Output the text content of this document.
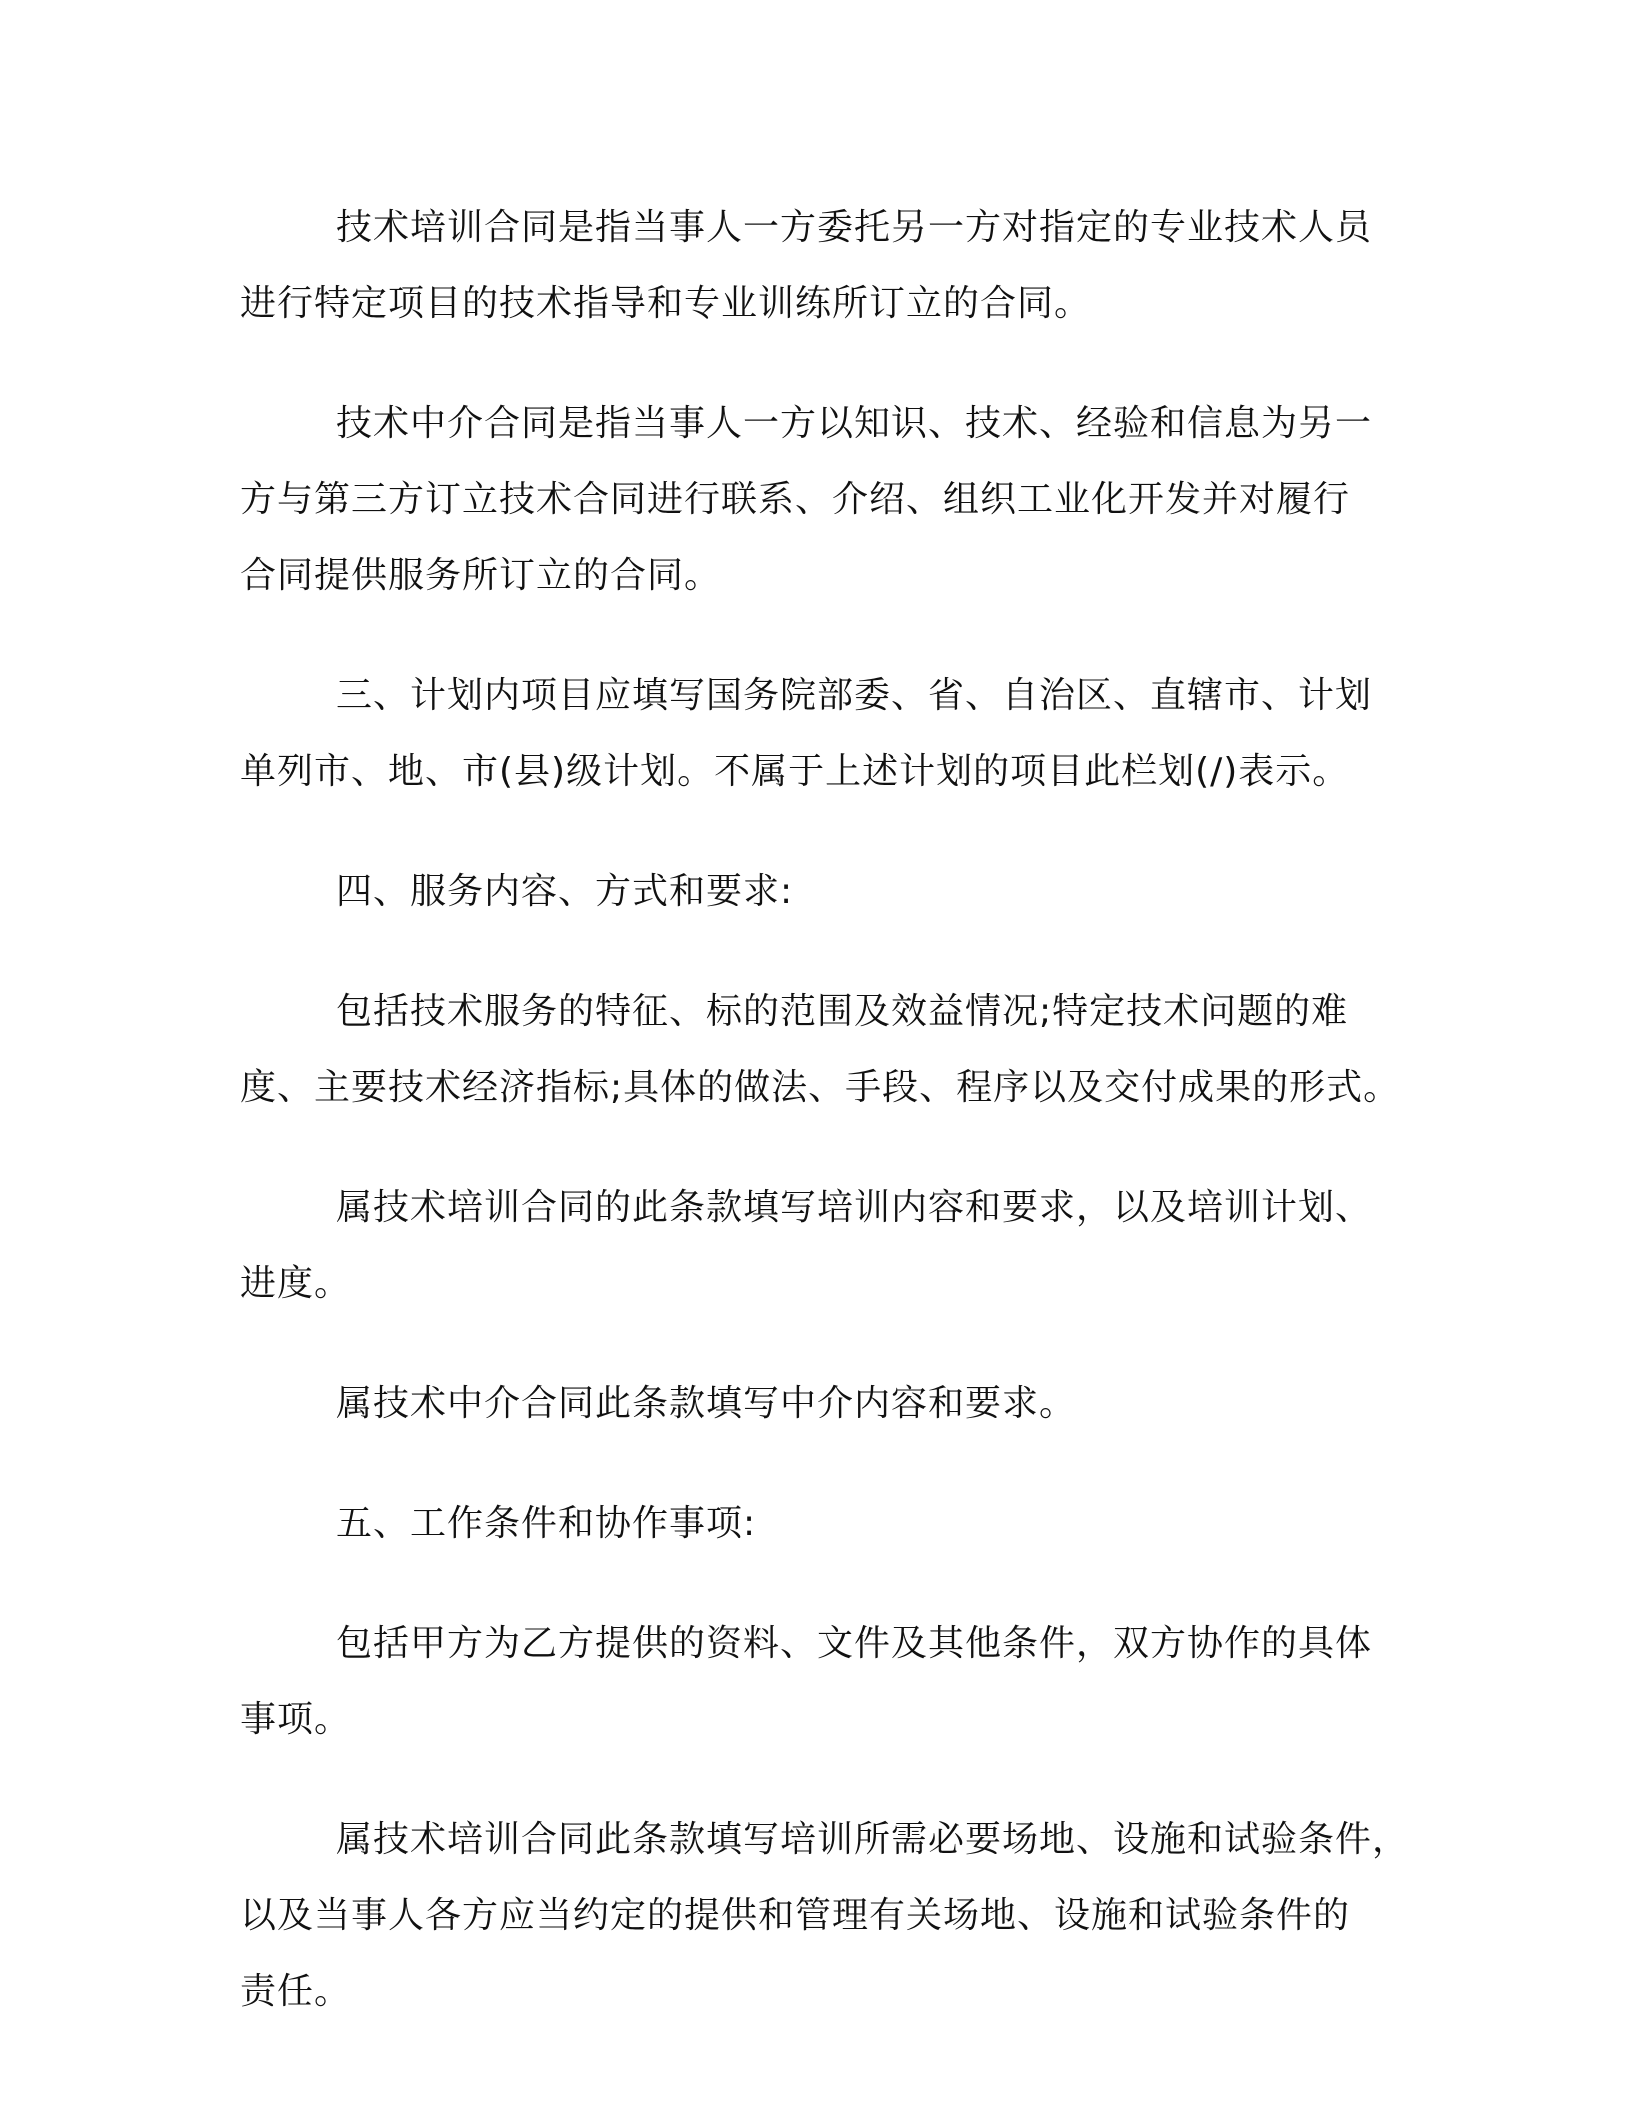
技术培训合同是指当事人一方委托另一方对指定的专业技术人员
进行特定项目的技术指导和专业训练所订立的合同。

技术中介合同是指当事人一方以知识、技术、经验和信息为另一
方与第三方订立技术合同进行联系、介绍、组织工业化开发并对履行
合同提供服务所订立的合同。

三、计划内项目应填写国务院部委、省、自治区、直辖市、计划
单列市、地、市(县)级计划。不属于上述计划的项目此栏划(/)表示。

四、服务内容、方式和要求:

包括技术服务的特征、标的范围及效益情况;特定技术问题的难
度、主要技术经济指标;具体的做法、手段、程序以及交付成果的形式。

属技术培训合同的此条款填写培训内容和要求，以及培训计划、
进度。

属技术中介合同此条款填写中介内容和要求。

五、工作条件和协作事项:

包括甲方为乙方提供的资料、文件及其他条件，双方协作的具体
事项。

属技术培训合同此条款填写培训所需必要场地、设施和试验条件，
以及当事人各方应当约定的提供和管理有关场地、设施和试验条件的
责任。
